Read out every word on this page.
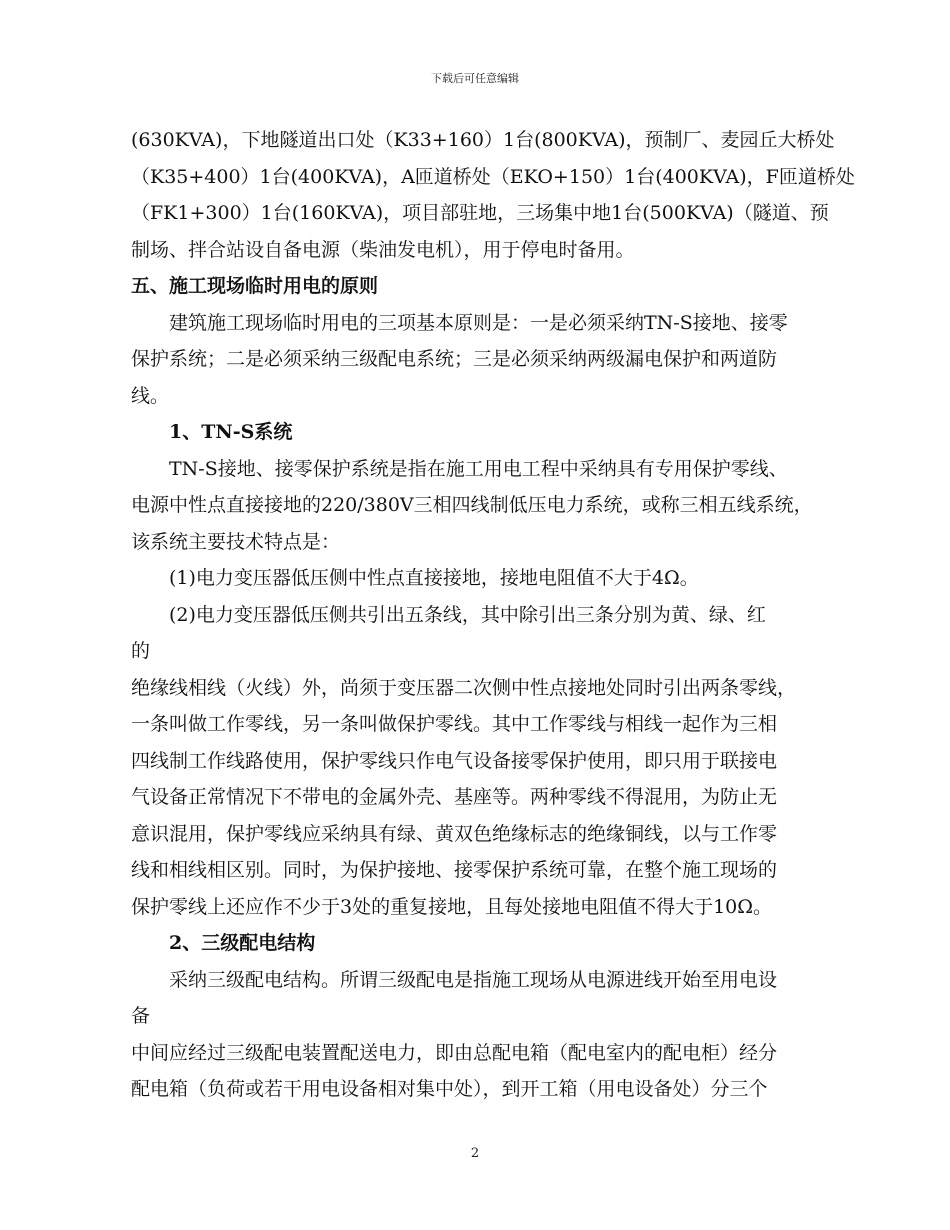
下载后可任意编辑

(630KVA)，下地隧道出口处（K33+160）1台(800KVA)，预制厂、麦园丘大桥处

（K35+400）1台(400KVA)，A匝道桥处（EKO+150）1台(400KVA)，F匝道桥处

（FK1+300）1台(160KVA)，项目部驻地，三场集中地1台(500KVA)（隧道、预

制场、拌合站设自备电源（柴油发电机），用于停电时备用。

五、施工现场临时用电的原则

建筑施工现场临时用电的三项基本原则是：一是必须采纳TN-S接地、接零

保护系统；二是必须采纳三级配电系统；三是必须采纳两级漏电保护和两道防

线。

1、TN-S系统

TN-S接地、接零保护系统是指在施工用电工程中采纳具有专用保护零线、

电源中性点直接接地的220/380V三相四线制低压电力系统，或称三相五线系统，

该系统主要技术特点是：

(1)电力变压器低压侧中性点直接接地，接地电阻值不大于4Ω。

(2)电力变压器低压侧共引出五条线，其中除引出三条分别为黄、绿、红

的

绝缘线相线（火线）外，尚须于变压器二次侧中性点接地处同时引出两条零线，

一条叫做工作零线，另一条叫做保护零线。其中工作零线与相线一起作为三相

四线制工作线路使用，保护零线只作电气设备接零保护使用，即只用于联接电

气设备正常情况下不带电的金属外壳、基座等。两种零线不得混用，为防止无

意识混用，保护零线应采纳具有绿、黄双色绝缘标志的绝缘铜线，以与工作零

线和相线相区别。同时，为保护接地、接零保护系统可靠，在整个施工现场的

保护零线上还应作不少于3处的重复接地，且每处接地电阻值不得大于10Ω。

2、三级配电结构

采纳三级配电结构。所谓三级配电是指施工现场从电源进线开始至用电设

备

中间应经过三级配电装置配送电力，即由总配电箱（配电室内的配电柜）经分

配电箱（负荷或若干用电设备相对集中处），到开工箱（用电设备处）分三个

2
